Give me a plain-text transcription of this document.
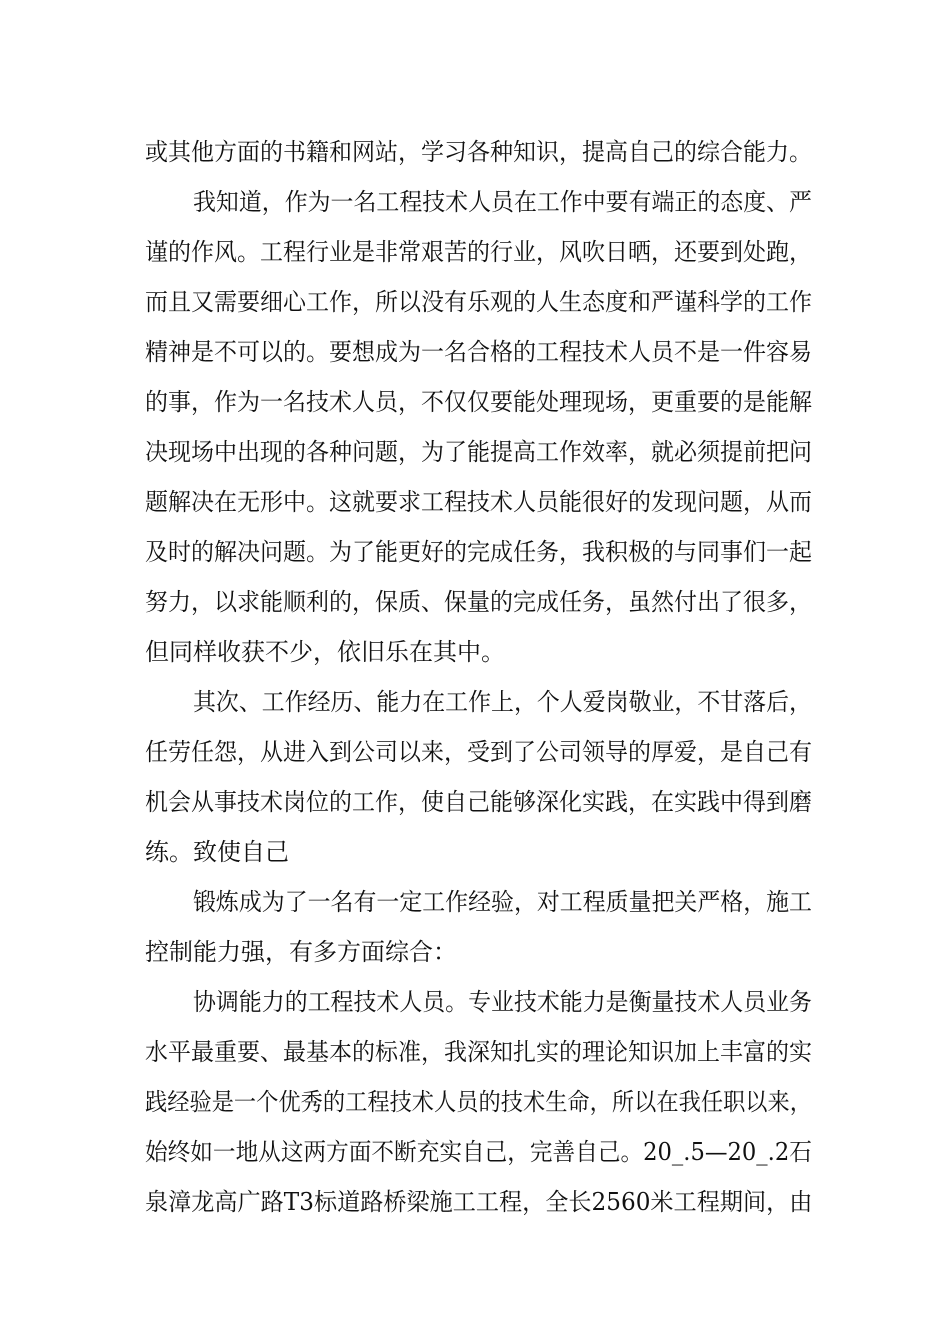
或其他方面的书籍和网站，学习各种知识，提高自己的综合能力。
我知道，作为一名工程技术人员在工作中要有端正的态度、严
谨的作风。工程行业是非常艰苦的行业，风吹日晒，还要到处跑，
而且又需要细心工作，所以没有乐观的人生态度和严谨科学的工作
精神是不可以的。要想成为一名合格的工程技术人员不是一件容易
的事，作为一名技术人员，不仅仅要能处理现场，更重要的是能解
决现场中出现的各种问题，为了能提高工作效率，就必须提前把问
题解决在无形中。这就要求工程技术人员能很好的发现问题，从而
及时的解决问题。为了能更好的完成任务，我积极的与同事们一起
努力，以求能顺利的，保质、保量的完成任务，虽然付出了很多，
但同样收获不少，依旧乐在其中。
其次、工作经历、能力在工作上，个人爱岗敬业，不甘落后，
任劳任怨，从进入到公司以来，受到了公司领导的厚爱，是自己有
机会从事技术岗位的工作，使自己能够深化实践，在实践中得到磨
练。致使自己
锻炼成为了一名有一定工作经验，对工程质量把关严格，施工
控制能力强，有多方面综合：
协调能力的工程技术人员。专业技术能力是衡量技术人员业务
水平最重要、最基本的标准，我深知扎实的理论知识加上丰富的实
践经验是一个优秀的工程技术人员的技术生命，所以在我任职以来，
始终如一地从这两方面不断充实自己，完善自己。20_.5—20_.2石
泉漳龙高广路T3标道路桥梁施工工程，全长2560米工程期间，由
